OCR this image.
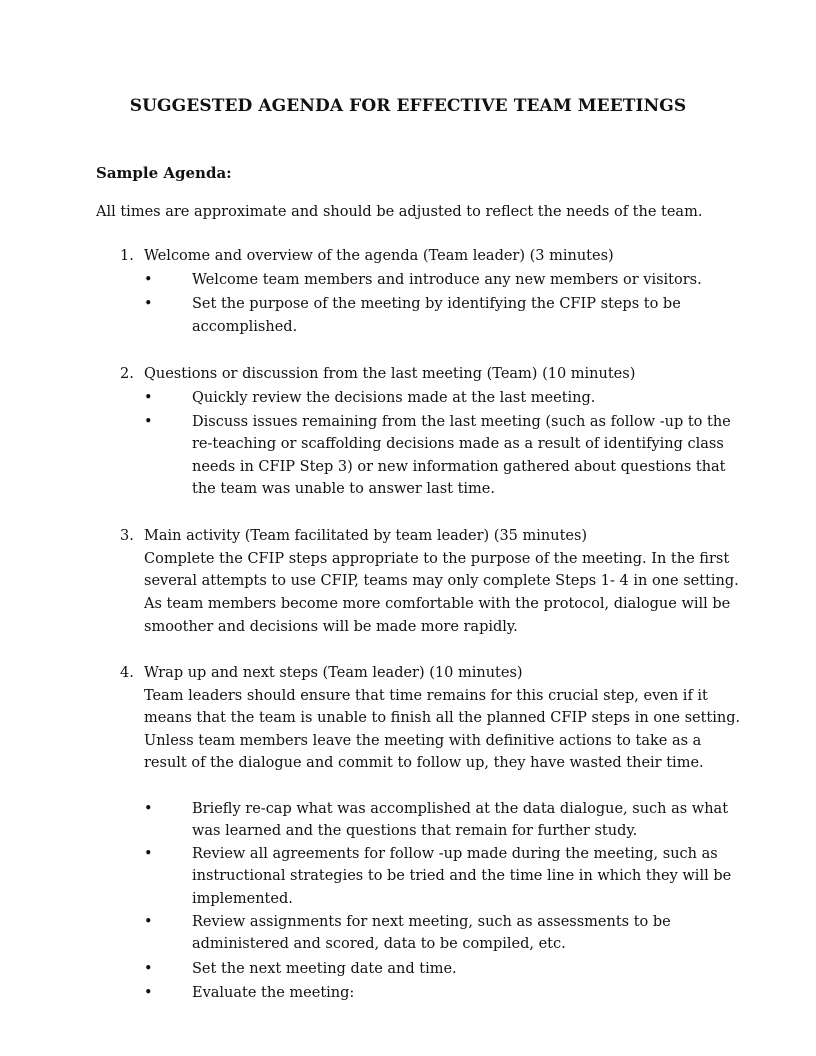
SUGGESTED AGENDA FOR EFFECTIVE TEAM MEETINGS
Sample Agenda:
All times are approximate and should be adjusted to reflect the needs of the team.
1. Welcome and overview of the agenda (Team leader) (3 minutes)
•	Welcome team members and introduce any new members or visitors.
•	Set the purpose of the meeting by identifying the CFIP steps to be
accomplished.
2. Questions or discussion from the last meeting (Team) (10 minutes)
•	Quickly review the decisions made at the last meeting.
•	Discuss issues remaining from the last meeting (such as follow -up to the
re-teaching or scaffolding decisions made as a result of identifying class
needs in CFIP Step 3) or new information gathered about questions that
the team was unable to answer last time.
3. Main activity (Team facilitated by team leader) (35 minutes)
Complete the CFIP steps appropriate to the purpose of the meeting. In the first
several attempts to use CFIP, teams may only complete Steps 1- 4 in one setting.
As team members become more comfortable with the protocol, dialogue will be
smoother and decisions will be made more rapidly.
4. Wrap up and next steps (Team leader) (10 minutes)
Team leaders should ensure that time remains for this crucial step, even if it
means that the team is unable to finish all the planned CFIP steps in one setting.
Unless team members leave the meeting with definitive actions to take as a
result of the dialogue and commit to follow up, they have wasted their time.
•	Briefly re-cap what was accomplished at the data dialogue, such as what
was learned and the questions that remain for further study.
•	Review all agreements for follow -up made during the meeting, such as
instructional strategies to be tried and the time line in which they will be
implemented.
•	Review assignments for next meeting, such as assessments to be
administered and scored, data to be compiled, etc.
•	Set the next meeting date and time.
•	Evaluate the meeting:
